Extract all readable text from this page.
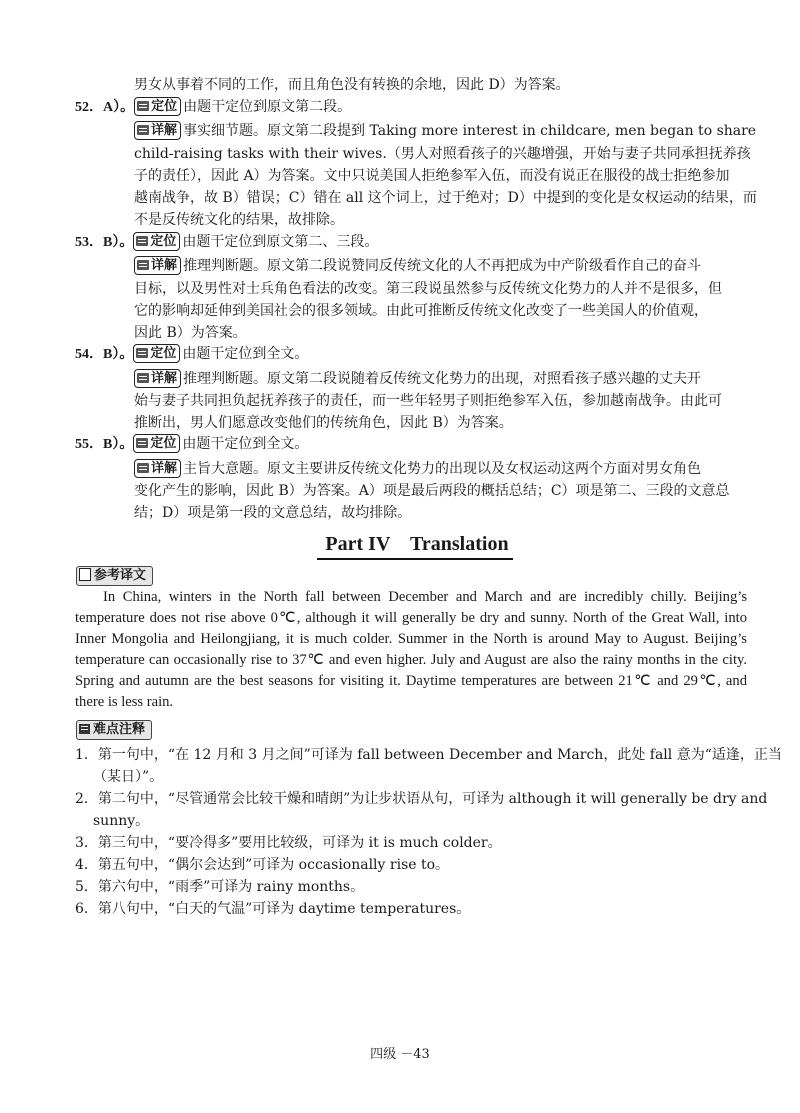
男女从事着不同的工作，而且角色没有转换的余地，因此 D）为答案。
52．A）。 定位 由题干定位到原文第二段。
详解 事实细节题。原文第二段提到 Taking more interest in childcare, men began to share
child-raising tasks with their wives.（男人对照看孩子的兴趣增强，开始与妻子共同承担抚养孩
子的责任），因此 A）为答案。文中只说美国人拒绝参军入伍，而没有说正在服役的战士拒绝参加
越南战争，故 B）错误；C）错在 all 这个词上，过于绝对；D）中提到的变化是女权运动的结果，而
不是反传统文化的结果，故排除。
53．B）。 定位 由题干定位到原文第二、三段。
详解 推理判断题。原文第二段说赞同反传统文化的人不再把成为中产阶级看作自己的奋斗
目标，以及男性对士兵角色看法的改变。第三段说虽然参与反传统文化势力的人并不是很多，但
它的影响却延伸到美国社会的很多领域。由此可推断反传统文化改变了一些美国人的价值观，
因此 B）为答案。
54．B）。 定位 由题干定位到全文。
详解 推理判断题。原文第二段说随着反传统文化势力的出现，对照看孩子感兴趣的丈夫开
始与妻子共同担负起抚养孩子的责任，而一些年轻男子则拒绝参军入伍，参加越南战争。由此可
推断出，男人们愿意改变他们的传统角色，因此 B）为答案。
55．B）。 定位 由题干定位到全文。
详解 主旨大意题。原文主要讲反传统文化势力的出现以及女权运动这两个方面对男女角色
变化产生的影响，因此 B）为答案。A）项是最后两段的概括总结；C）项是第二、三段的文意总
结；D）项是第一段的文意总结，故均排除。
Part IV　Translation
参考译文
In China, winters in the North fall between December and March and are incredibly chilly. Beijing’s temperature does not rise above 0℃, although it will generally be dry and sunny. North of the Great Wall, into Inner Mongolia and Heilongjiang, it is much colder. Summer in the North is around May to August. Beijing’s temperature can occasionally rise to 37℃ and even higher. July and August are also the rainy months in the city. Spring and autumn are the best seasons for visiting it. Daytime temperatures are between 21℃ and 29℃, and there is less rain.
难点注释
1．第一句中，“在 12 月和 3 月之间”可译为 fall between December and March，此处 fall 意为“适逢，正当
（某日）”。
2．第二句中，“尽管通常会比较干燥和晴朗”为让步状语从句，可译为 although it will generally be dry and
sunny。
3．第三句中，“要冷得多”要用比较级，可译为 it is much colder。
4．第五句中，“偶尔会达到”可译为 occasionally rise to。
5．第六句中，“雨季”可译为 rainy months。
6．第八句中，“白天的气温”可译为 daytime temperatures。
四级 －43
